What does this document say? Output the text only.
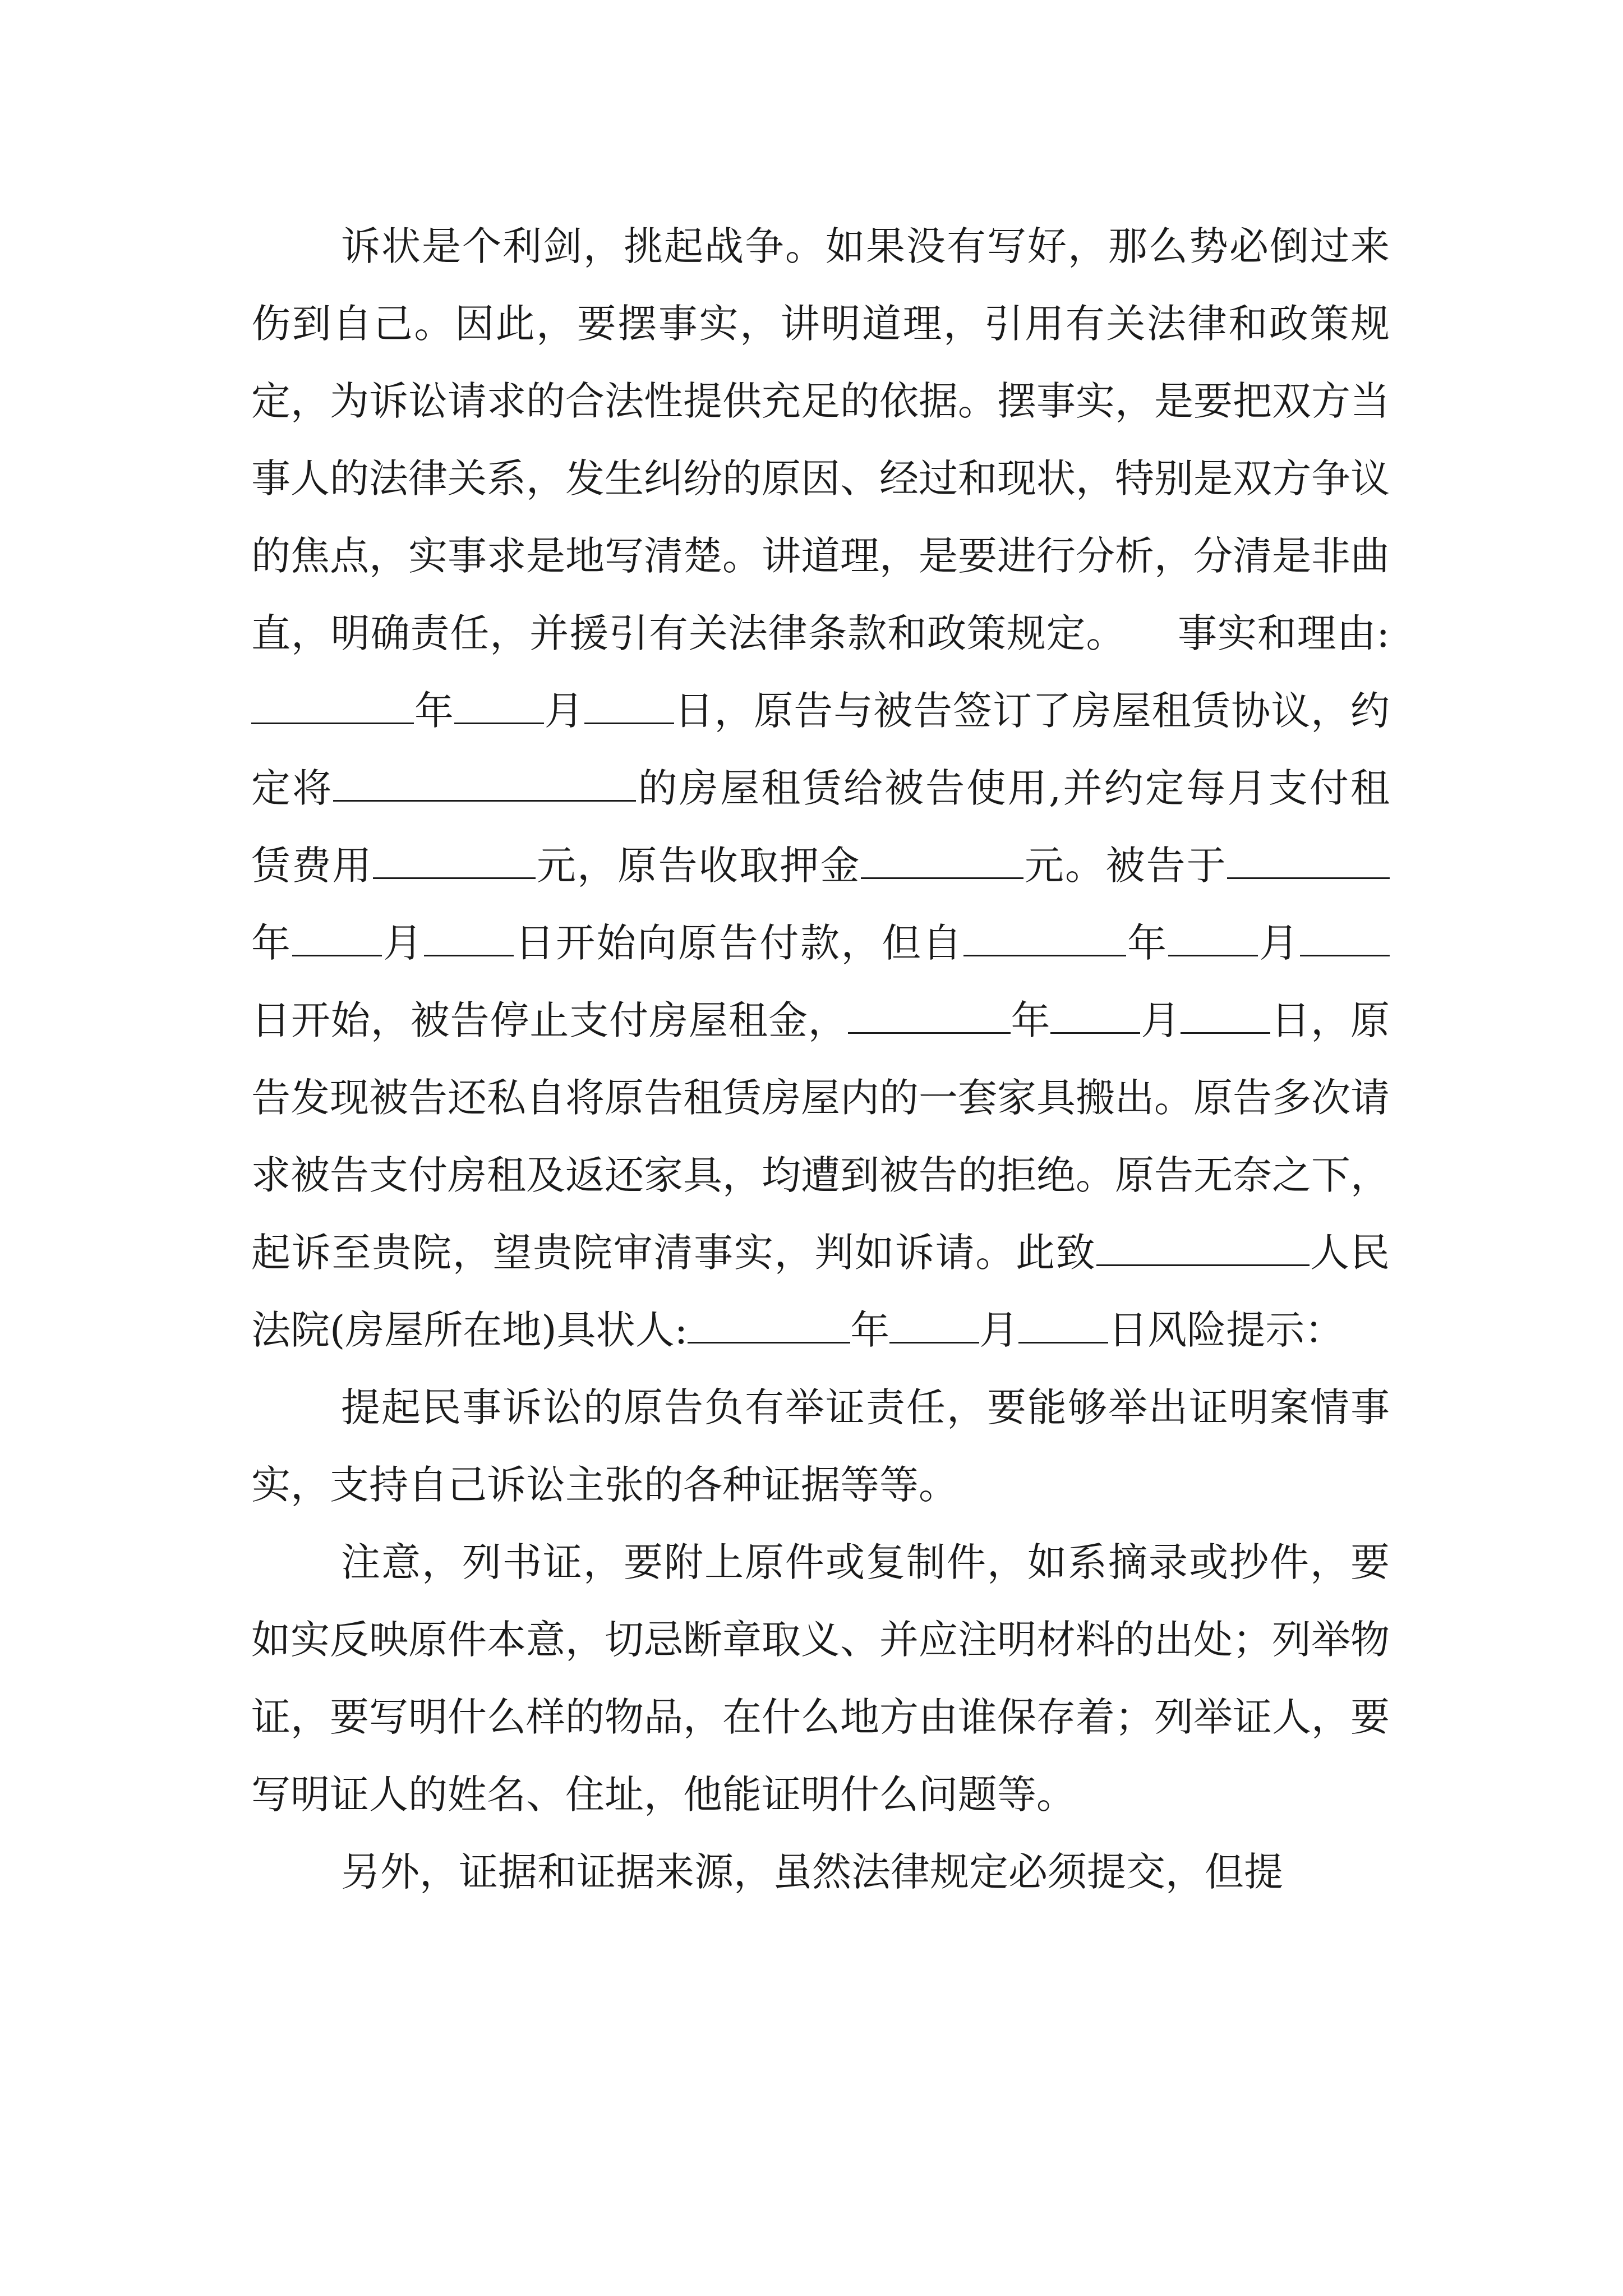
诉状是个利剑，挑起战争。如果没有写好，那么势必倒过来伤到自己。因此，要摆事实，讲明道理，引用有关法律和政策规定，为诉讼请求的合法性提供充足的依据。摆事实，是要把双方当事人的法律关系，发生纠纷的原因、经过和现状，特别是双方争议的焦点，实事求是地写清楚。讲道理，是要进行分析，分清是非曲直，明确责任，并援引有关法律条款和政策规定。 事实和理由:年 月 日，原告与被告签订了房屋租赁协议，约定将	的房屋租赁给被告使用,并约定每月支付租赁费用	元，原告收取押金	元。被告于年 月 日开始向原告付款，但自	年 月日开始，被告停止支付房屋租金，	年 月 日，原告发现被告还私自将原告租赁房屋内的一套家具搬出。原告多次请求被告支付房租及返还家具，均遭到被告的拒绝。原告无奈之下，起诉至贵院，望贵院审清事实，判如诉请。此致	人民法院(房屋所在地)具状人:	年 月 日风险提示：

提起民事诉讼的原告负有举证责任，要能够举出证明案情事实，支持自己诉讼主张的各种证据等等。

注意，列书证，要附上原件或复制件，如系摘录或抄件，要如实反映原件本意，切忌断章取义、并应注明材料的出处；列举物证，要写明什么样的物品，在什么地方由谁保存着；列举证人，要写明证人的姓名、住址，他能证明什么问题等。

另外，证据和证据来源，虽然法律规定必须提交，但提
